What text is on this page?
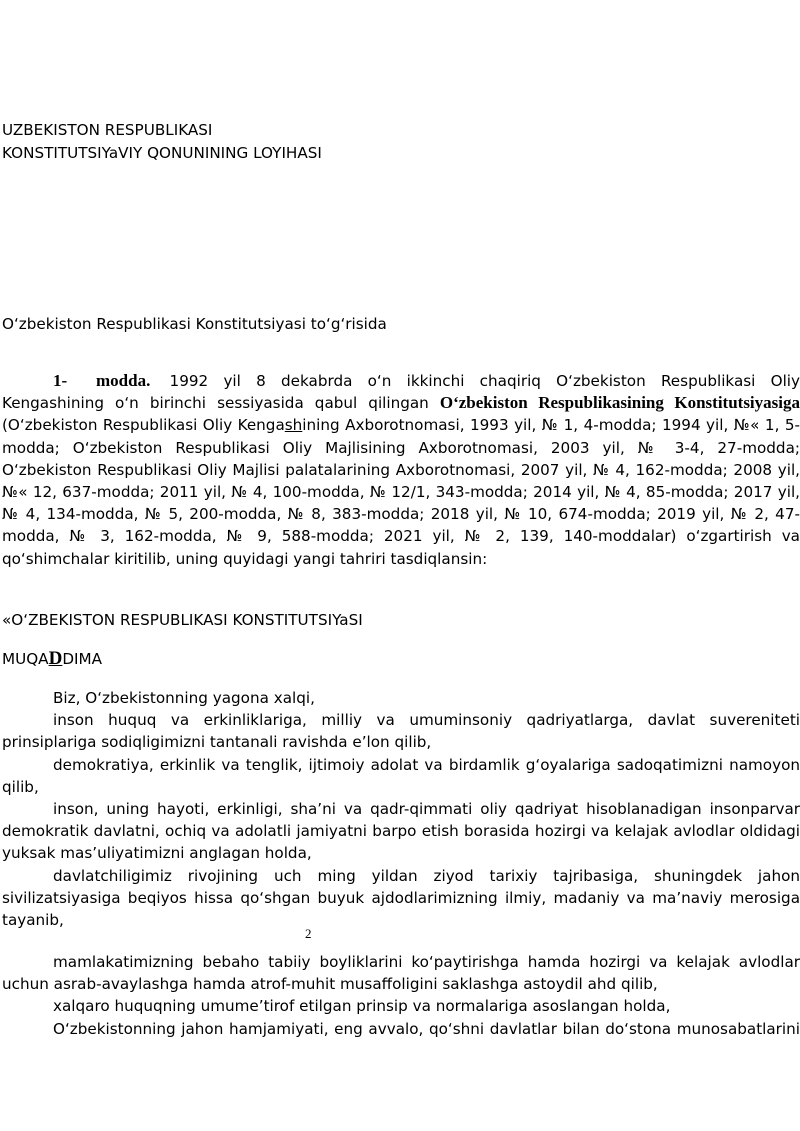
UZBEKISTON RESPUBLIKASI
KONSTITUTSIYaVIY QONUNINING LOYIHASI
O‘zbekiston Respublikasi Konstitutsiyasi to‘g‘risida
1- modda. 1992 yil 8 dekabrda o‘n ikkinchi chaqiriq O‘zbekiston Respublikasi Oliy Kengashining o‘n birinchi sessiyasida qabul qilingan O‘zbekiston Respublikasining Konstitutsiyasiga (O‘zbekiston Respublikasi Oliy Kengashining Axborotnomasi, 1993 yil, № 1, 4-modda; 1994 yil, №« 1, 5-modda; O‘zbekiston Respublikasi Oliy Majlisining Axborotnomasi, 2003 yil, № 3-4, 27-modda; O‘zbekiston Respublikasi Oliy Majlisi palatalarining Axborotnomasi, 2007 yil, № 4, 162-modda; 2008 yil, №« 12, 637-modda; 2011 yil, № 4, 100-modda, № 12/1, 343-modda; 2014 yil, № 4, 85-modda; 2017 yil, № 4, 134-modda, № 5, 200-modda, № 8, 383-modda; 2018 yil, № 10, 674-modda; 2019 yil, № 2, 47-modda, № 3, 162-modda, № 9, 588-modda; 2021 yil, № 2, 139, 140-moddalar) o‘zgartirish va qo‘shimchalar kiritilib, uning quyidagi yangi tahriri tasdiqlansin:
«O‘ZBEKISTON RESPUBLIKASI KONSTITUTSIYaSI
MUQADDIMA

Biz, O‘zbekistonning yagona xalqi,

inson huquq va erkinliklariga, milliy va umuminsoniy qadriyatlarga, davlat suvereniteti prinsiplariga sodiqligimizni tantanali ravishda e’lon qilib,

demokratiya, erkinlik va tenglik, ijtimoiy adolat va birdamlik g‘oyalariga sadoqatimizni namoyon qilib,

inson, uning hayoti, erkinligi, sha’ni va qadr-qimmati oliy qadriyat hisoblanadigan insonparvar demokratik davlatni, ochiq va adolatli jamiyatni barpo etish borasida hozirgi va kelajak avlodlar oldidagi yuksak mas’uliyatimizni anglagan holda,

davlatchiligimiz rivojining uch ming yildan ziyod tarixiy tajribasiga, shuningdek jahon sivilizatsiyasiga beqiyos hissa qo‘shgan buyuk ajdodlarimizning ilmiy, madaniy va ma’naviy merosiga tayanib,

2

mamlakatimizning bebaho tabiiy boyliklarini ko‘paytirishga hamda hozirgi va kelajak avlodlar uchun asrab-avaylashga hamda atrof-muhit musaffoligini saklashga astoydil ahd qilib,

xalqaro huquqning umume’tirof etilgan prinsip va normalariga asoslangan holda,

O‘zbekistonning jahon hamjamiyati, eng avvalo, qo‘shni davlatlar bilan do‘stona munosabatlarini
